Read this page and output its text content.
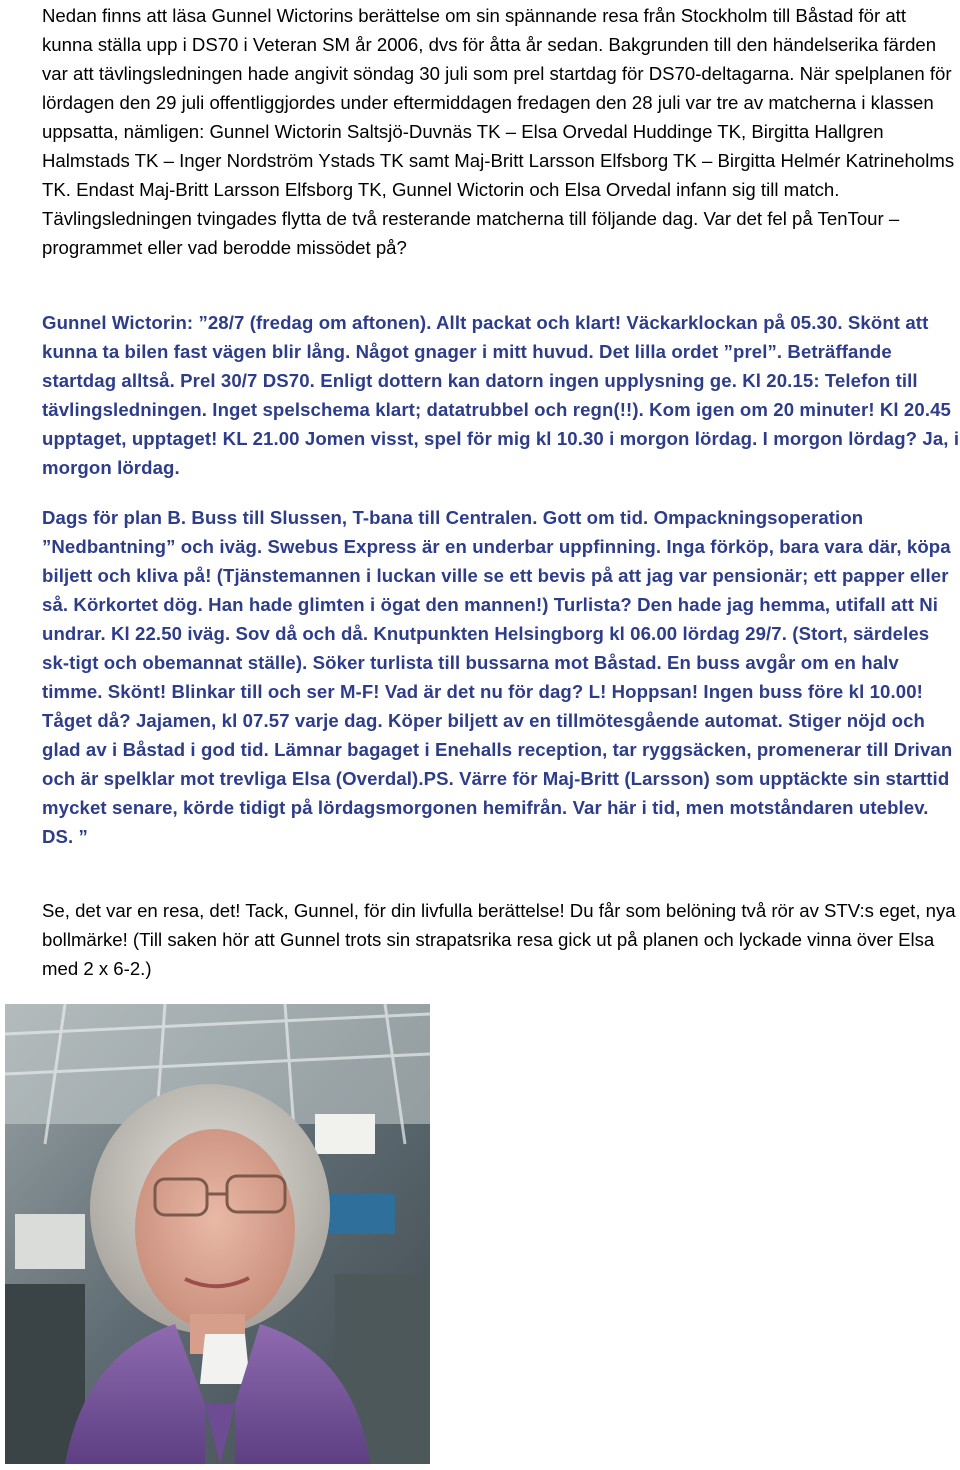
Nedan finns att läsa Gunnel Wictorins berättelse om sin spännande resa från Stockholm till Båstad för att kunna ställa upp i DS70 i Veteran SM år 2006, dvs för åtta år sedan. Bakgrunden till den händelserika färden var att tävlingsledningen hade angivit söndag 30 juli som prel startdag för DS70-deltagarna. När spelplanen för lördagen den 29 juli offentliggjordes under eftermiddagen fredagen den 28 juli var tre av matcherna i klassen uppsatta, nämligen: Gunnel Wictorin Saltsjö-Duvnäs TK – Elsa Orvedal Huddinge TK, Birgitta Hallgren Halmstads TK – Inger Nordström Ystads TK samt Maj-Britt Larsson Elfsborg TK – Birgitta Helmér Katrineholms TK. Endast Maj-Britt Larsson Elfsborg TK, Gunnel Wictorin och Elsa Orvedal infann sig till match. Tävlingsledningen tvingades flytta de två resterande matcherna till följande dag. Var det fel på TenTour – programmet eller vad berodde missödet på?

Gunnel Wictorin: ”28/7 (fredag om aftonen). Allt packat och klart! Väckarklockan på 05.30. Skönt att kunna ta bilen fast vägen blir lång. Något gnager i mitt huvud. Det lilla ordet ”prel”. Beträffande startdag alltså. Prel 30/7 DS70. Enligt dottern kan datorn ingen upplysning ge. Kl 20.15: Telefon till tävlingsledningen. Inget spelschema klart; datatrubbel och regn(!!). Kom igen om 20 minuter! Kl 20.45 upptaget, upptaget! KL 21.00 Jomen visst, spel för mig kl 10.30 i morgon lördag. I morgon lördag? Ja, i morgon lördag.

Dags för plan B. Buss till Slussen, T-bana till Centralen. Gott om tid. Ompackningsoperation ”Nedbantning” och iväg. Swebus Express är en underbar uppfinning. Inga förköp, bara vara där, köpa biljett och kliva på! (Tjänstemannen i luckan ville se ett bevis på att jag var pensionär; ett papper eller så. Körkortet dög. Han hade glimten i ögat den mannen!) Turlista? Den hade jag hemma, utifall att Ni undrar. Kl 22.50 iväg. Sov då och då. Knutpunkten Helsingborg kl 06.00 lördag 29/7. (Stort, särdeles sk-tigt och obemannat ställe). Söker turlista till bussarna mot Båstad. En buss avgår om en halv timme. Skönt! Blinkar till och ser M-F! Vad är det nu för dag? L! Hoppsan! Ingen buss före kl 10.00! Tåget då? Jajamen, kl 07.57 varje dag. Köper biljett av en tillmötesgående automat. Stiger nöjd och glad av i Båstad i god tid. Lämnar bagaget i Enehalls reception, tar ryggsäcken, promenerar till Drivan och är spelklar mot trevliga Elsa (Overdal).PS. Värre för Maj-Britt (Larsson) som upptäckte sin starttid mycket senare, körde tidigt på lördagsmorgonen hemifrån. Var här i tid, men motståndaren uteblev. DS. ”

Se, det var en resa, det! Tack, Gunnel, för din livfulla berättelse! Du får som belöning två rör av STV:s eget, nya bollmärke! (Till saken hör att Gunnel trots sin strapatsrika resa gick ut på planen och lyckade vinna över Elsa med 2 x 6-2.)
